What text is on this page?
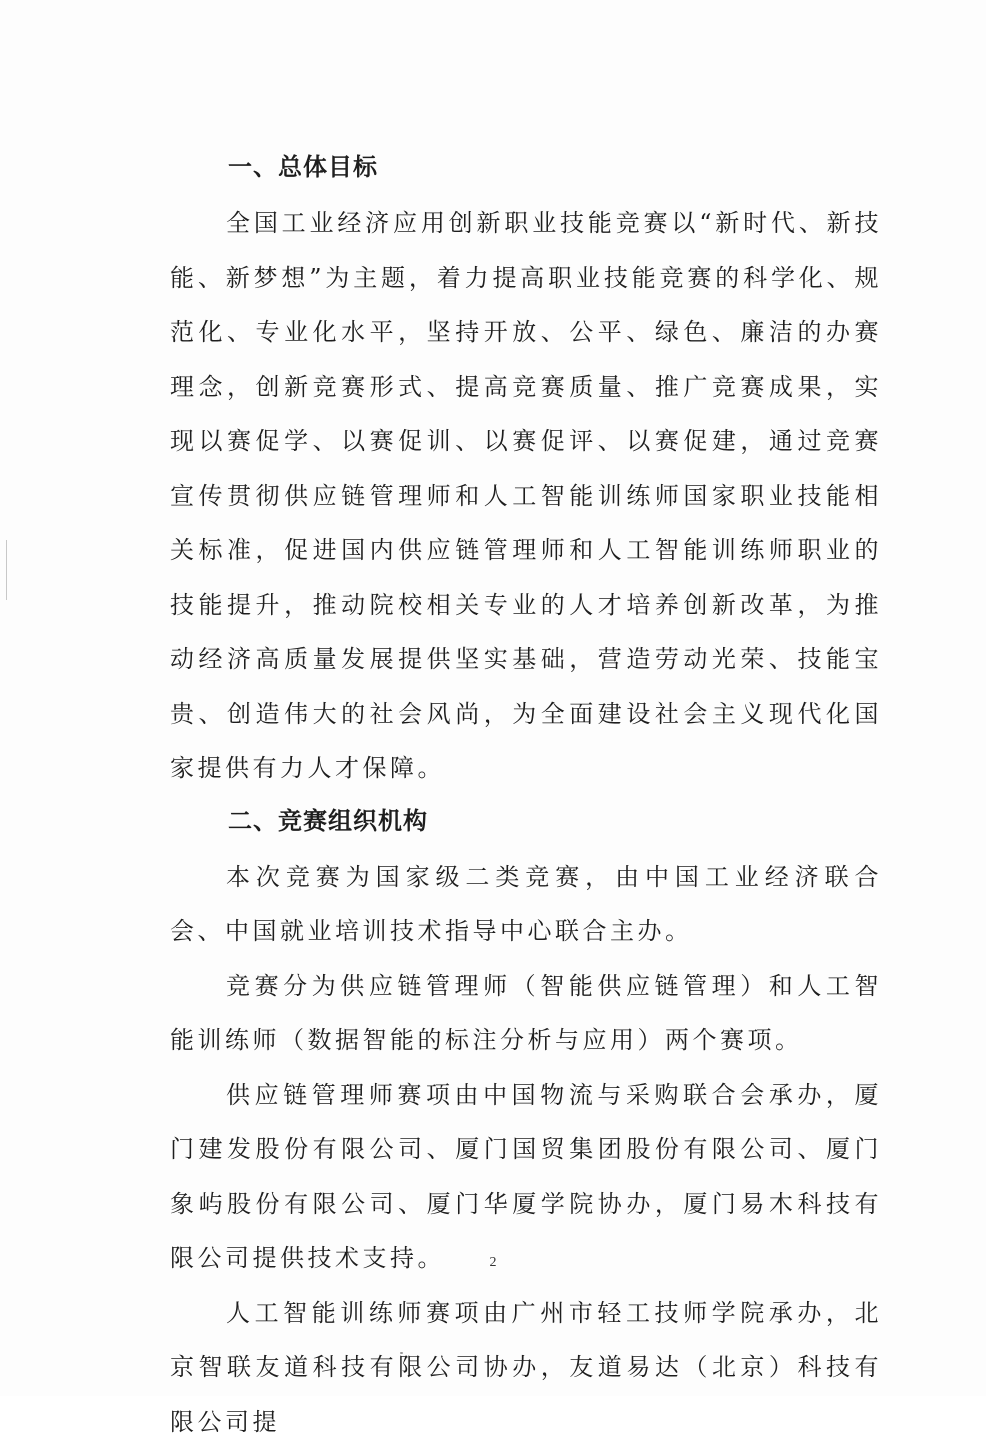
一、总体目标

全国工业经济应用创新职业技能竞赛以“新时代、新技能、新梦想”为主题，着力提高职业技能竞赛的科学化、规范化、专业化水平，坚持开放、公平、绿色、廉洁的办赛理念，创新竞赛形式、提高竞赛质量、推广竞赛成果，实现以赛促学、以赛促训、以赛促评、以赛促建，通过竞赛宣传贯彻供应链管理师和人工智能训练师国家职业技能相关标准，促进国内供应链管理师和人工智能训练师职业的技能提升，推动院校相关专业的人才培养创新改革，为推动经济高质量发展提供坚实基础，营造劳动光荣、技能宝贵、创造伟大的社会风尚，为全面建设社会主义现代化国家提供有力人才保障。

二、竞赛组织机构

本次竞赛为国家级二类竞赛，由中国工业经济联合会、中国就业培训技术指导中心联合主办。

竞赛分为供应链管理师（智能供应链管理）和人工智能训练师（数据智能的标注分析与应用）两个赛项。

供应链管理师赛项由中国物流与采购联合会承办，厦门建发股份有限公司、厦门国贸集团股份有限公司、厦门象屿股份有限公司、厦门华厦学院协办，厦门易木科技有限公司提供技术支持。

人工智能训练师赛项由广州市轻工技师学院承办，北京智联友道科技有限公司协办，友道易达（北京）科技有限公司提

2
